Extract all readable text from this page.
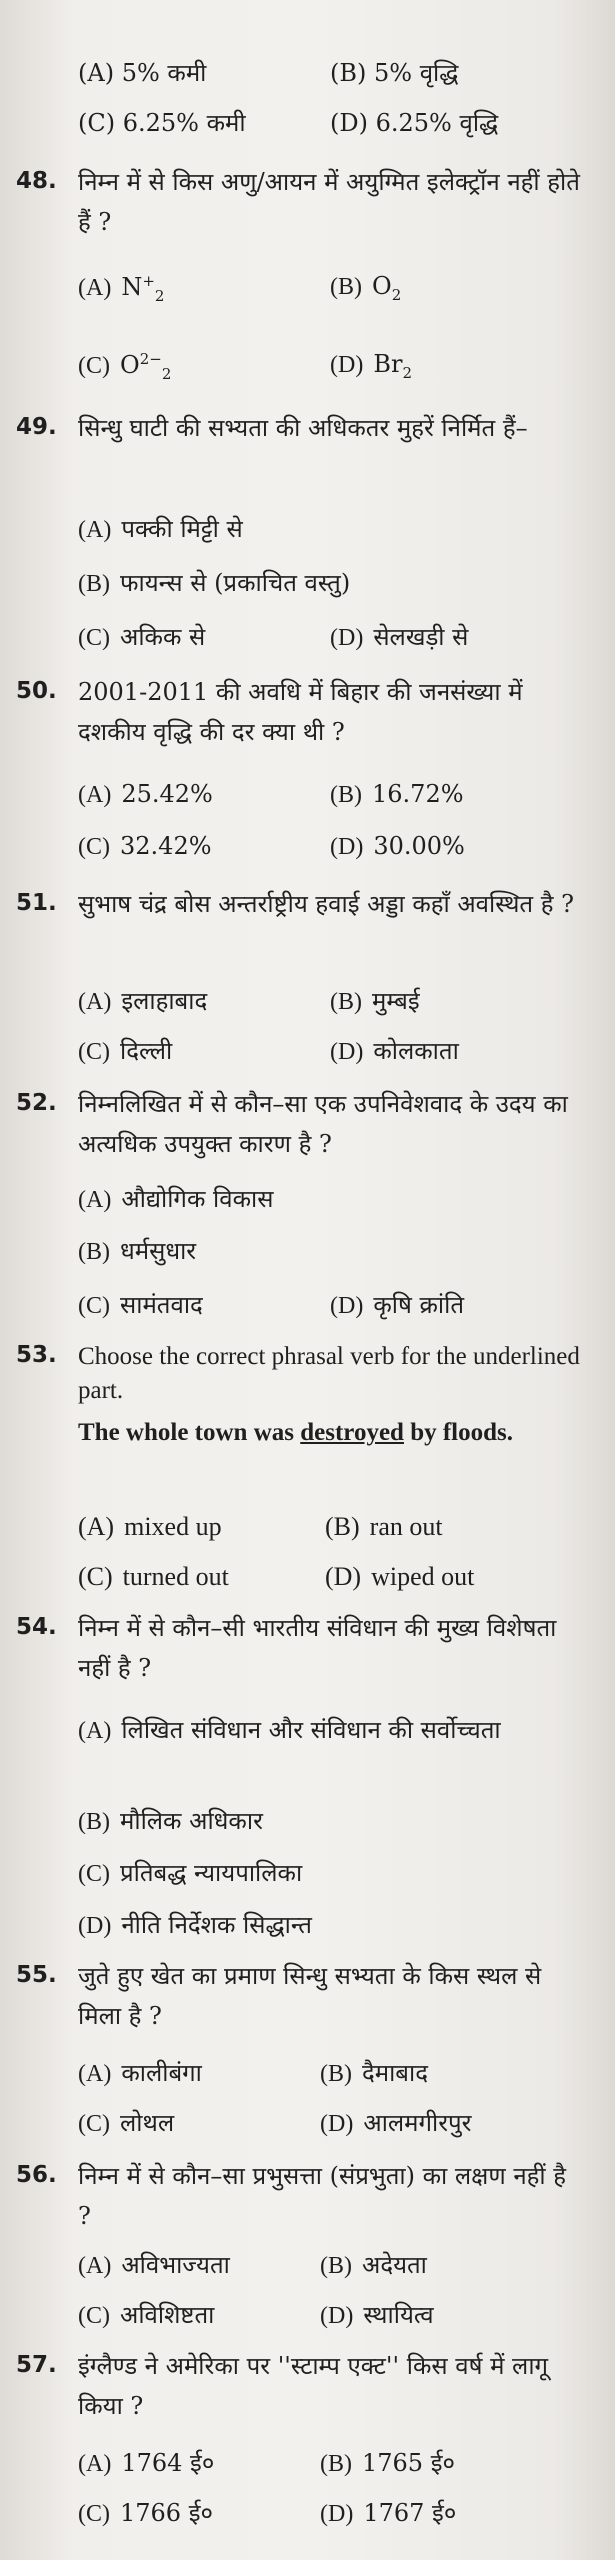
(A) 5% कमी	(B) 5% वृद्धि
(C) 6.25% कमी	(D) 6.25% वृद्धि
48. निम्न में से किस अणु/आयन में अयुग्मित इलेक्ट्रॉन नहीं होते हैं ?
(A) $N^+_2$	(B) $O_2$
(C) $O^{2-}_2$	(D) $Br_2$
49. सिन्धु घाटी की सभ्यता की अधिकतर मुहरें निर्मित हैं–
(A) पक्की मिट्टी से
(B) फायन्स से (प्रकाचित वस्तु)
(C) अकिक से	(D) सेलखड़ी से
50. 2001-2011 की अवधि में बिहार की जनसंख्या में दशकीय वृद्धि की दर क्या थी ?
(A) 25.42%	(B) 16.72%
(C) 32.42%	(D) 30.00%
51. सुभाष चंद्र बोस अन्तर्राष्ट्रीय हवाई अड्डा कहाँ अवस्थित है ?
(A) इलाहाबाद	(B) मुम्बई
(C) दिल्ली	(D) कोलकाता
52. निम्नलिखित में से कौन–सा एक उपनिवेशवाद के उदय का अत्यधिक उपयुक्त कारण है ?
(A) औद्योगिक विकास
(B) धर्मसुधार
(C) सामंतवाद	(D) कृषि क्रांति
53. Choose the correct phrasal verb for the underlined part.
The whole town was destroyed by floods.
(A) mixed up	(B) ran out
(C) turned out	(D) wiped out
54. निम्न में से कौन–सी भारतीय संविधान की मुख्य विशेषता नहीं है ?
(A) लिखित संविधान और संविधान की सर्वोच्चता
(B) मौलिक अधिकार
(C) प्रतिबद्ध न्यायपालिका
(D) नीति निर्देशक सिद्धान्त
55. जुते हुए खेत का प्रमाण सिन्धु सभ्यता के किस स्थल से मिला है ?
(A) कालीबंगा	(B) दैमाबाद
(C) लोथल	(D) आलमगीरपुर
56. निम्न में से कौन–सा प्रभुसत्ता (संप्रभुता) का लक्षण नहीं है ?
(A) अविभाज्यता	(B) अदेयता
(C) अविशिष्टता	(D) स्थायित्व
57. इंग्लैण्ड ने अमेरिका पर ''स्टाम्प एक्ट'' किस वर्ष में लागू किया ?
(A) 1764 ई०	(B) 1765 ई०
(C) 1766 ई०	(D) 1767 ई०
